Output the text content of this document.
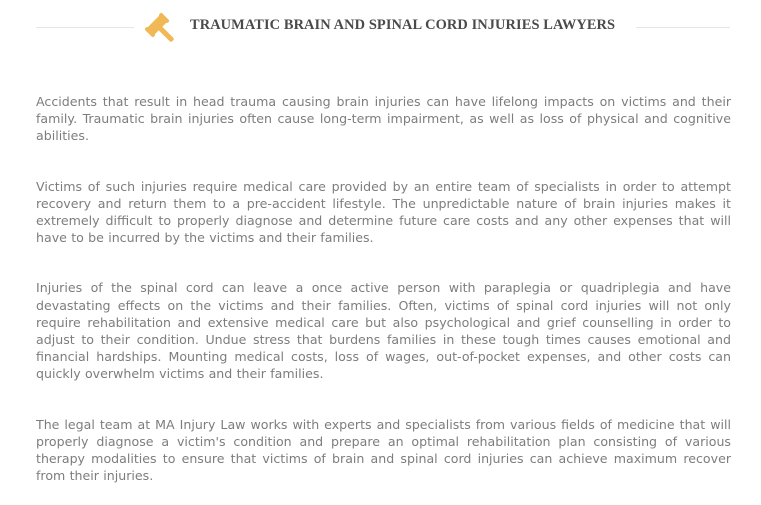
TRAUMATIC BRAIN AND SPINAL CORD INJURIES LAWYERS

Accidents that result in head trauma causing brain injuries can have lifelong impacts on victims and their family. Traumatic brain injuries often cause long-term impairment, as well as loss of physical and cognitive abilities.

Victims of such injuries require medical care provided by an entire team of specialists in order to attempt recovery and return them to a pre-accident lifestyle. The unpredictable nature of brain injuries makes it extremely difficult to properly diagnose and determine future care costs and any other expenses that will have to be incurred by the victims and their families.

Injuries of the spinal cord can leave a once active person with paraplegia or quadriplegia and have devastating effects on the victims and their families. Often, victims of spinal cord injuries will not only require rehabilitation and extensive medical care but also psychological and grief counselling in order to adjust to their condition. Undue stress that burdens families in these tough times causes emotional and financial hardships. Mounting medical costs, loss of wages, out-of-pocket expenses, and other costs can quickly overwhelm victims and their families.

The legal team at MA Injury Law works with experts and specialists from various fields of medicine that will properly diagnose a victim's condition and prepare an optimal rehabilitation plan consisting of various therapy modalities to ensure that victims of brain and spinal cord injuries can achieve maximum recover from their injuries.
